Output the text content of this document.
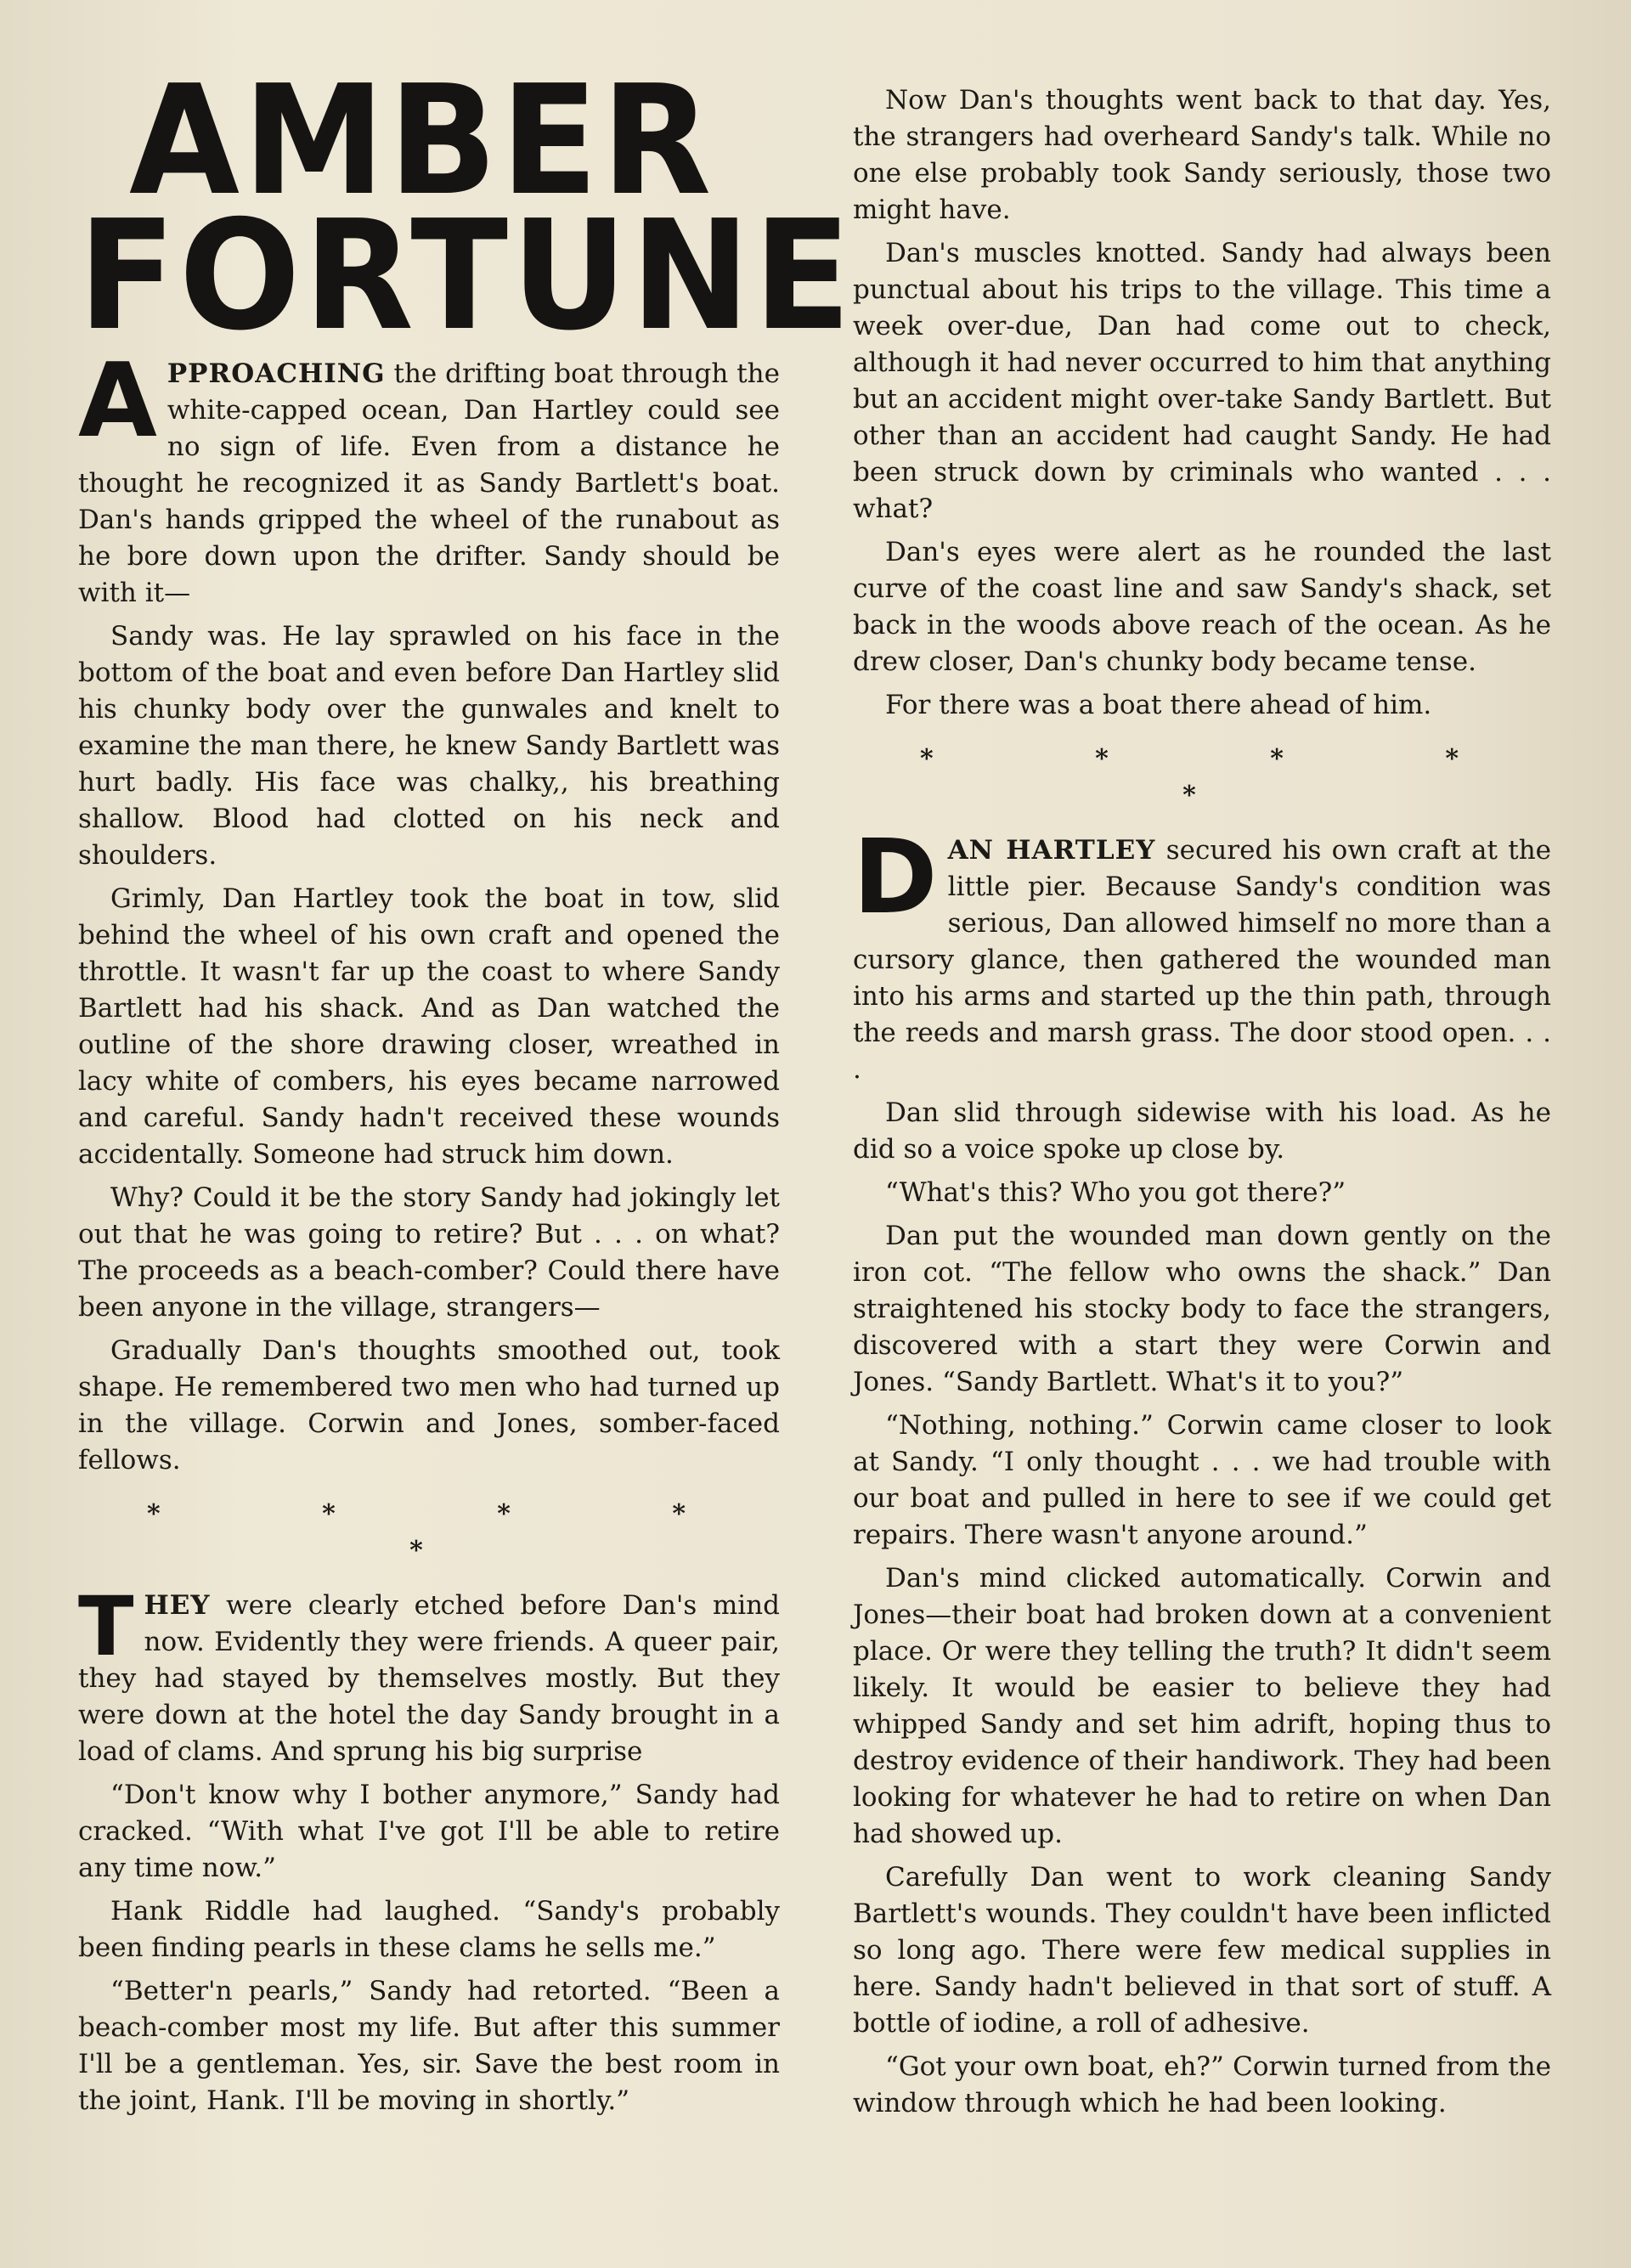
AMBER
FORTUNE

APPROACHING the drifting boat through the white-capped ocean, Dan Hartley could see no sign of life. Even from a distance he thought he recognized it as Sandy Bartlett's boat. Dan's hands gripped the wheel of the runabout as he bore down upon the drifter. Sandy should be with it—

Sandy was. He lay sprawled on his face in the bottom of the boat and even before Dan Hartley slid his chunky body over the gunwales and knelt to examine the man there, he knew Sandy Bartlett was hurt badly. His face was chalky,, his breathing shallow. Blood had clotted on his neck and shoulders.

Grimly, Dan Hartley took the boat in tow, slid behind the wheel of his own craft and opened the throttle. It wasn't far up the coast to where Sandy Bartlett had his shack. And as Dan watched the outline of the shore drawing closer, wreathed in lacy white of combers, his eyes became narrowed and careful. Sandy hadn't received these wounds accidentally. Someone had struck him down.

Why? Could it be the story Sandy had jokingly let out that he was going to retire? But . . . on what? The proceeds as a beach-comber? Could there have been anyone in the village, strangers—

Gradually Dan's thoughts smoothed out, took shape. He remembered two men who had turned up in the village. Corwin and Jones, somber-faced fellows.

* * * * *

THEY were clearly etched before Dan's mind now. Evidently they were friends. A queer pair, they had stayed by themselves mostly. But they were down at the hotel the day Sandy brought in a load of clams. And sprung his big surprise

“Don't know why I bother anymore,” Sandy had cracked. “With what I've got I'll be able to retire any time now.”

Hank Riddle had laughed. “Sandy's probably been finding pearls in these clams he sells me.”

“Better'n pearls,” Sandy had retorted. “Been a beach-comber most my life. But after this summer I'll be a gentleman. Yes, sir. Save the best room in the joint, Hank. I'll be moving in shortly.”

Now Dan's thoughts went back to that day. Yes, the strangers had overheard Sandy's talk. While no one else probably took Sandy seriously, those two might have.

Dan's muscles knotted. Sandy had always been punctual about his trips to the village. This time a week over-due, Dan had come out to check, although it had never occurred to him that anything but an accident might over-take Sandy Bartlett. But other than an accident had caught Sandy. He had been struck down by criminals who wanted . . . what?

Dan's eyes were alert as he rounded the last curve of the coast line and saw Sandy's shack, set back in the woods above reach of the ocean. As he drew closer, Dan's chunky body became tense.

For there was a boat there ahead of him.

* * * * *

DAN HARTLEY secured his own craft at the little pier. Because Sandy's condition was serious, Dan allowed himself no more than a cursory glance, then gathered the wounded man into his arms and started up the thin path, through the reeds and marsh grass. The door stood open. . . .

Dan slid through sidewise with his load. As he did so a voice spoke up close by.

“What's this? Who you got there?”

Dan put the wounded man down gently on the iron cot. “The fellow who owns the shack.” Dan straightened his stocky body to face the strangers, discovered with a start they were Corwin and Jones. “Sandy Bartlett. What's it to you?”

“Nothing, nothing.” Corwin came closer to look at Sandy. “I only thought . . . we had trouble with our boat and pulled in here to see if we could get repairs. There wasn't anyone around.”

Dan's mind clicked automatically. Corwin and Jones—their boat had broken down at a convenient place. Or were they telling the truth? It didn't seem likely. It would be easier to believe they had whipped Sandy and set him adrift, hoping thus to destroy evidence of their handiwork. They had been looking for whatever he had to retire on when Dan had showed up.

Carefully Dan went to work cleaning Sandy Bartlett's wounds. They couldn't have been inflicted so long ago. There were few medical supplies in here. Sandy hadn't believed in that sort of stuff. A bottle of iodine, a roll of adhesive.

“Got your own boat, eh?” Corwin turned from the window through which he had been looking.
